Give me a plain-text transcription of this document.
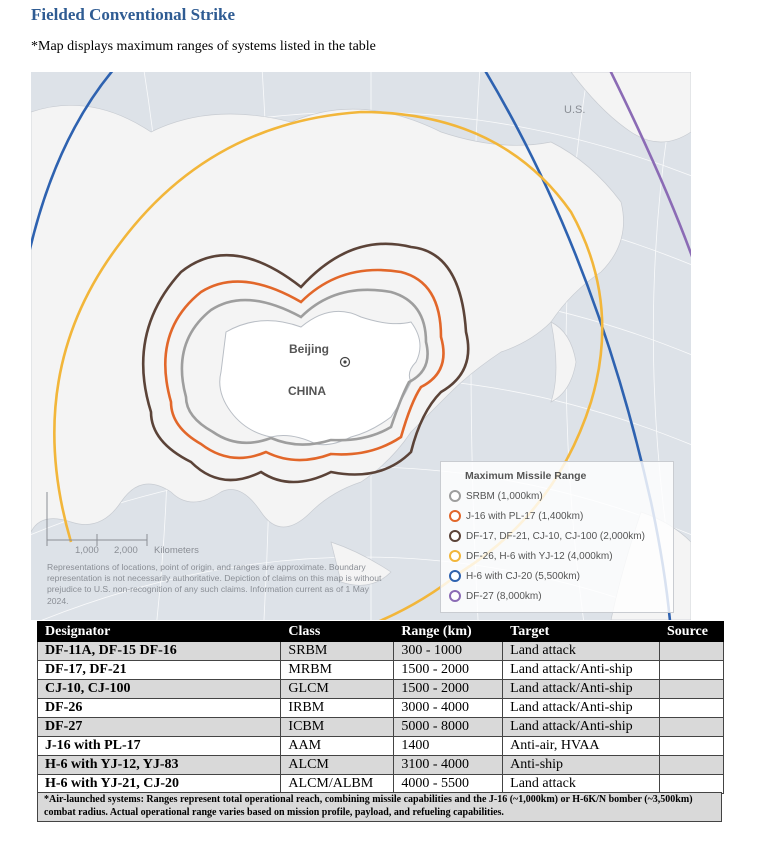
Fielded Conventional Strike
*Map displays maximum ranges of systems listed in the table
Beijing
CHINA
U.S.
1,000 2,000 Kilometers
Representations of locations, point of origin, and ranges are approximate. Boundary representation is not necessarily authoritative. Depiction of claims on this map is without prejudice to U.S. non-recognition of any such claims. Information current as of 1 May 2024.
Maximum Missile Range
SRBM (1,000km)
J-16 with PL-17 (1,400km)
DF-17, DF-21, CJ-10, CJ-100 (2,000km)
DF-26, H-6 with YJ-12 (4,000km)
H-6 with CJ-20 (5,500km)
DF-27 (8,000km)
Designator	Class	Range (km)	Target	Source
DF-11A, DF-15 DF-16	SRBM	300 - 1000	Land attack	
DF-17, DF-21	MRBM	1500 - 2000	Land attack/Anti-ship	
CJ-10, CJ-100	GLCM	1500 - 2000	Land attack/Anti-ship	
DF-26	IRBM	3000 - 4000	Land attack/Anti-ship	
DF-27	ICBM	5000 - 8000	Land attack/Anti-ship	
J-16 with PL-17	AAM	1400	Anti-air, HVAA	
H-6 with YJ-12, YJ-83	ALCM	3100 - 4000	Anti-ship	
H-6 with YJ-21, CJ-20	ALCM/ALBM	4000 - 5500	Land attack	
*Air-launched systems: Ranges represent total operational reach, combining missile capabilities and the J-16 (~1,000km) or H-6K/N bomber (~3,500km) combat radius. Actual operational range varies based on mission profile, payload, and refueling capabilities.
